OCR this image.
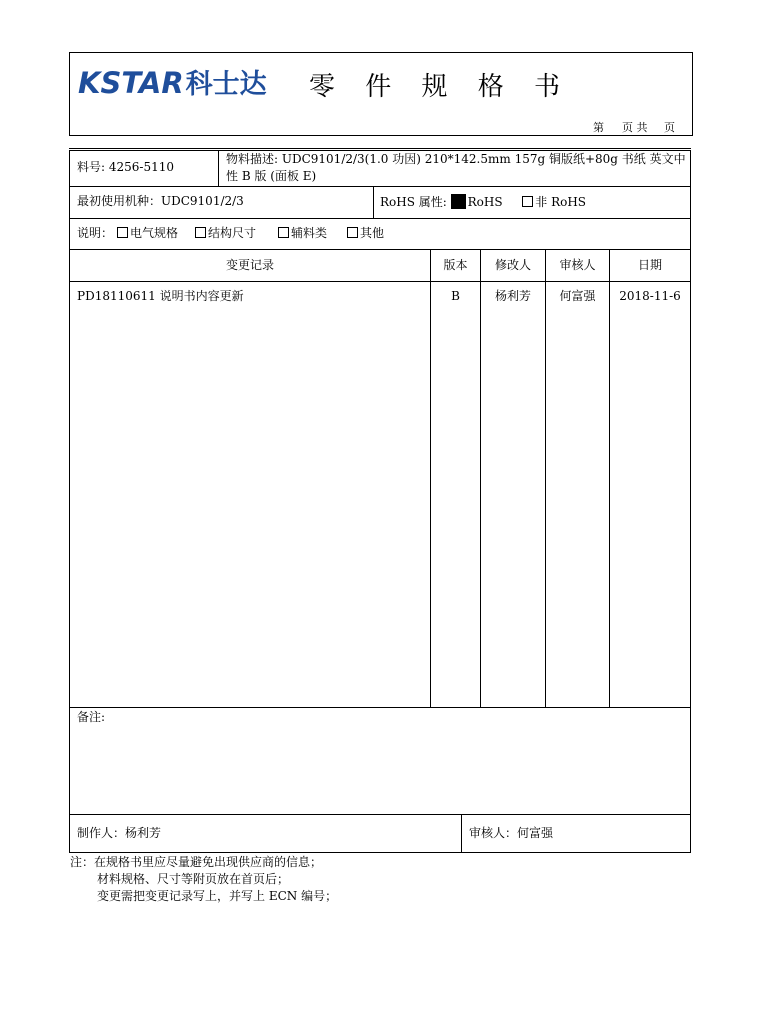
KSTAR科士达 零 件 规 格 书
第 页 共 页
料号: 4256-5110
物料描述: UDC9101/2/3(1.0 功因) 210*142.5mm 157g 铜版纸+80g 书纸 英文中
性 B 版 (面板 E)
最初使用机种：UDC9101/2/3	RoHS 属性: RoHS	非 RoHS
说明：	电气规格	结构尺寸	辅料类	其他
变更记录	版本	修改人	审核人	日期
PD18110611 说明书内容更新	B	杨利芳	何富强	2018-11-6
备注:
制作人：杨利芳	审核人：何富强
注：在规格书里应尽量避免出现供应商的信息；
材料规格、尺寸等附页放在首页后；
变更需把变更记录写上，并写上 ECN 编号；
